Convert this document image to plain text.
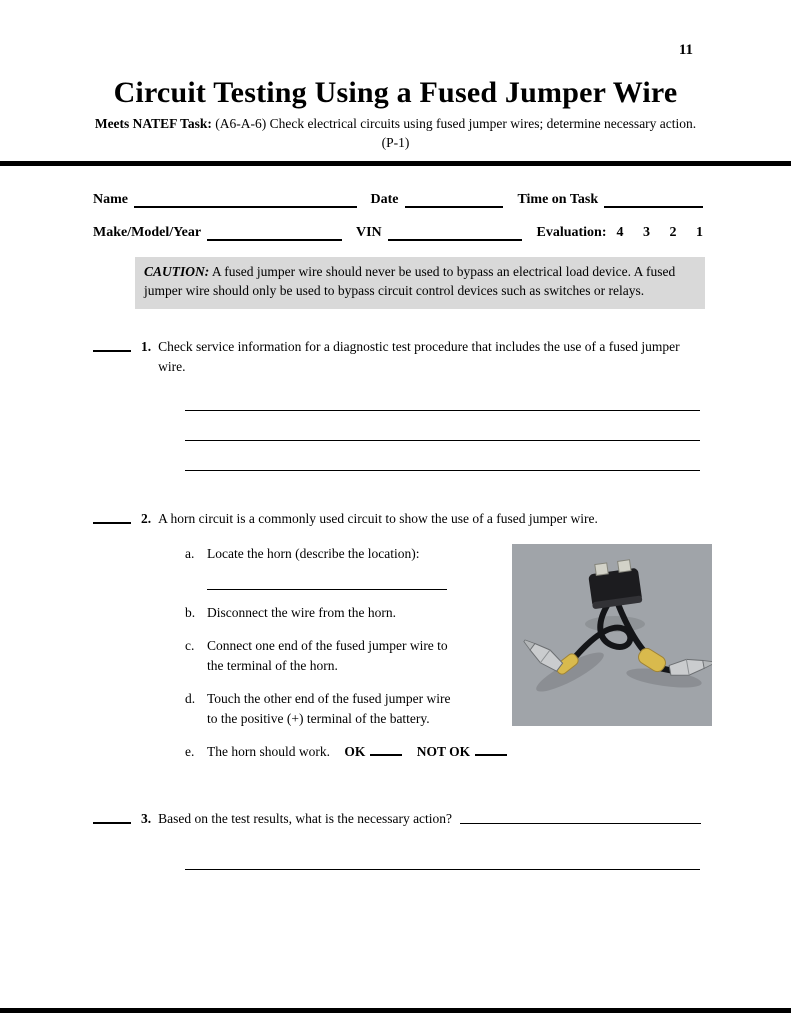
11
Circuit Testing Using a Fused Jumper Wire
Meets NATEF Task: (A6-A-6) Check electrical circuits using fused jumper wires; determine necessary action. (P-1)
Name	Date	Time on Task
Make/Model/Year	VIN	Evaluation: 4 3 2 1
CAUTION: A fused jumper wire should never be used to bypass an electrical load device. A fused jumper wire should only be used to bypass circuit control devices such as switches or relays.
1. Check service information for a diagnostic test procedure that includes the use of a fused jumper wire.
2. A horn circuit is a commonly used circuit to show the use of a fused jumper wire.
a. Locate the horn (describe the location):
b. Disconnect the wire from the horn.
c. Connect one end of the fused jumper wire to the terminal of the horn.
d. Touch the other end of the fused jumper wire to the positive (+) terminal of the battery.
e. The horn should work. OK	NOT OK
3. Based on the test results, what is the necessary action?
